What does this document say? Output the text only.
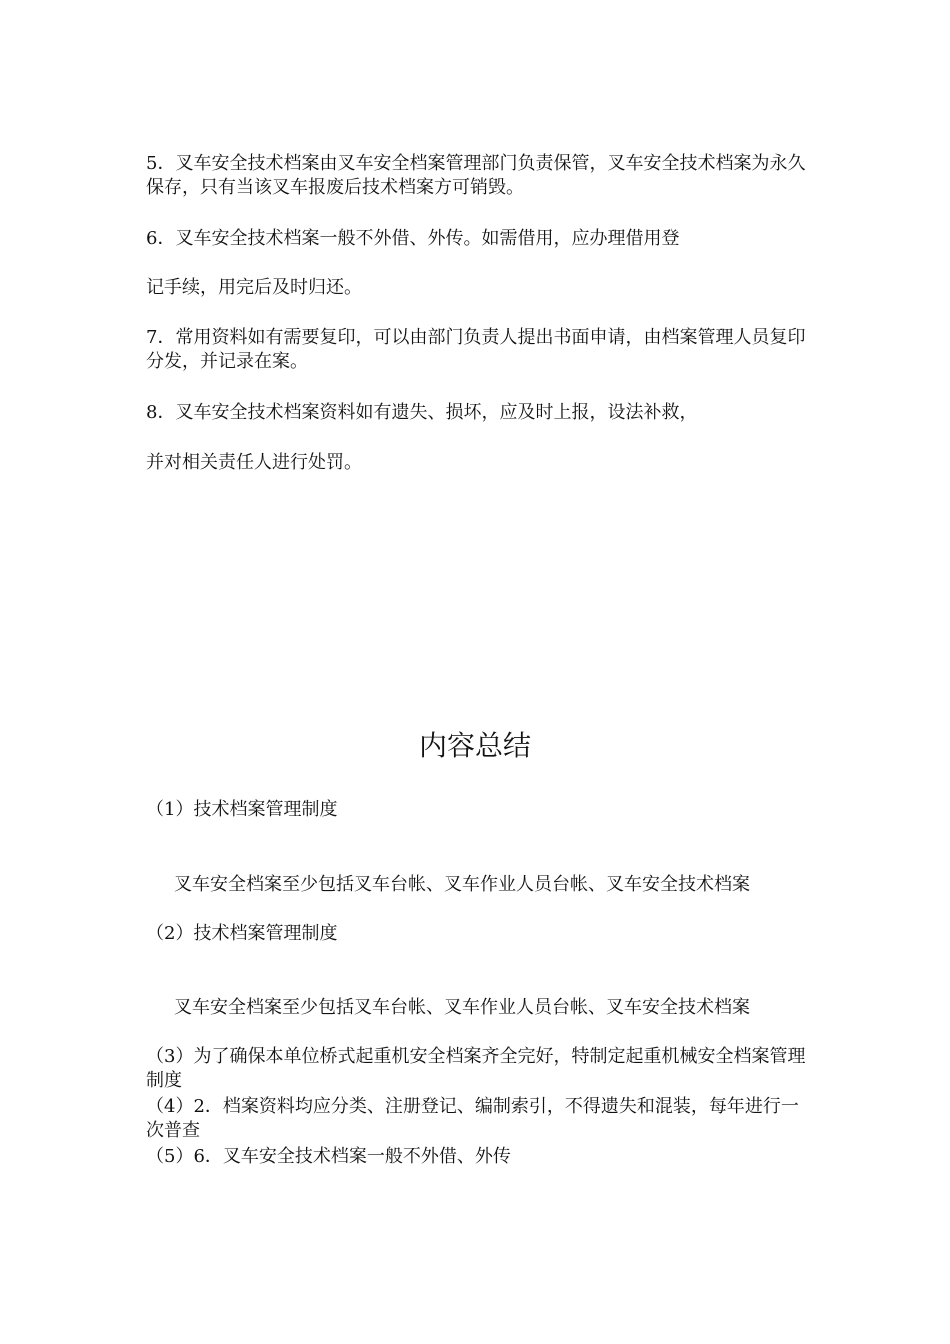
5．叉车安全技术档案由叉车安全档案管理部门负责保管，叉车安全技术档案为永久保存，只有当该叉车报废后技术档案方可销毁。

6．叉车安全技术档案一般不外借、外传。如需借用，应办理借用登

记手续，用完后及时归还。

7．常用资料如有需要复印，可以由部门负责人提出书面申请，由档案管理人员复印分发，并记录在案。

8．叉车安全技术档案资料如有遗失、损坏，应及时上报，设法补救，

并对相关责任人进行处罚。

内容总结

（1）技术档案管理制度

叉车安全档案至少包括叉车台帐、叉车作业人员台帐、叉车安全技术档案

（2）技术档案管理制度

叉车安全档案至少包括叉车台帐、叉车作业人员台帐、叉车安全技术档案

（3）为了确保本单位桥式起重机安全档案齐全完好，特制定起重机械安全档案管理制度

（4）2．档案资料均应分类、注册登记、编制索引，不得遗失和混装，每年进行一次普查

（5）6．叉车安全技术档案一般不外借、外传
